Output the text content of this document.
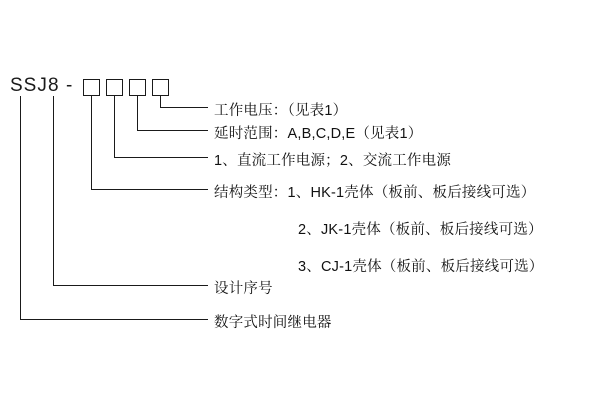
SSJ 8 -
工作电压：（见表1）
延时范围：A,B,C,D,E（见表1）
1、直流工作电源；2、交流工作电源
结构类型：1、HK-1壳体（板前、板后接线可选）
2、JK-1壳体（板前、板后接线可选）
3、CJ-1壳体（板前、板后接线可选）
设计序号
数字式时间继电器
